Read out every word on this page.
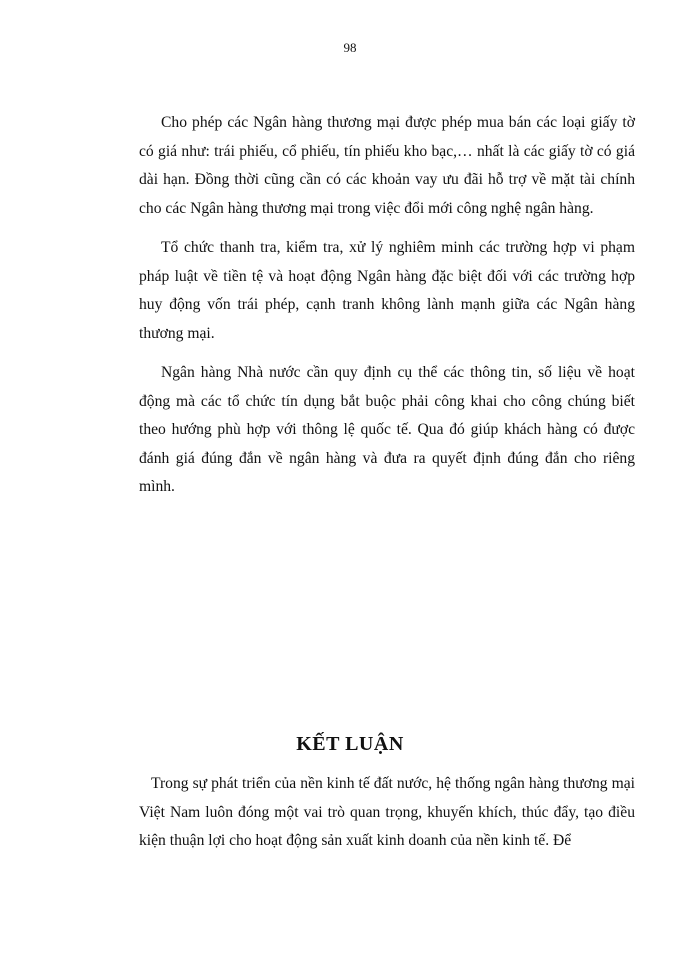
98

Cho phép các Ngân hàng thương mại được phép mua bán các loại giấy tờ có giá như: trái phiếu, cổ phiếu, tín phiếu kho bạc,… nhất là các giấy tờ có giá dài hạn. Đồng thời cũng cần có các khoản vay ưu đãi hỗ trợ về mặt tài chính cho các Ngân hàng thương mại trong việc đổi mới công nghệ ngân hàng.

Tổ chức thanh tra, kiểm tra, xử lý nghiêm minh các trường hợp vi phạm pháp luật về tiền tệ và hoạt động Ngân hàng đặc biệt đối với các trường hợp huy động vốn trái phép, cạnh tranh không lành mạnh giữa các Ngân hàng thương mại.

Ngân hàng Nhà nước cần quy định cụ thể các thông tin, số liệu về hoạt động mà các tổ chức tín dụng bắt buộc phải công khai cho công chúng biết theo hướng phù hợp với thông lệ quốc tế. Qua đó giúp khách hàng có được đánh giá đúng đắn về ngân hàng và đưa ra quyết định đúng đắn cho riêng mình.

KẾT LUẬN

Trong sự phát triển của nền kinh tế đất nước, hệ thống ngân hàng thương mại Việt Nam luôn đóng một vai trò quan trọng, khuyến khích, thúc đẩy, tạo điều kiện thuận lợi cho hoạt động sản xuất kinh doanh của nền kinh tế. Để
